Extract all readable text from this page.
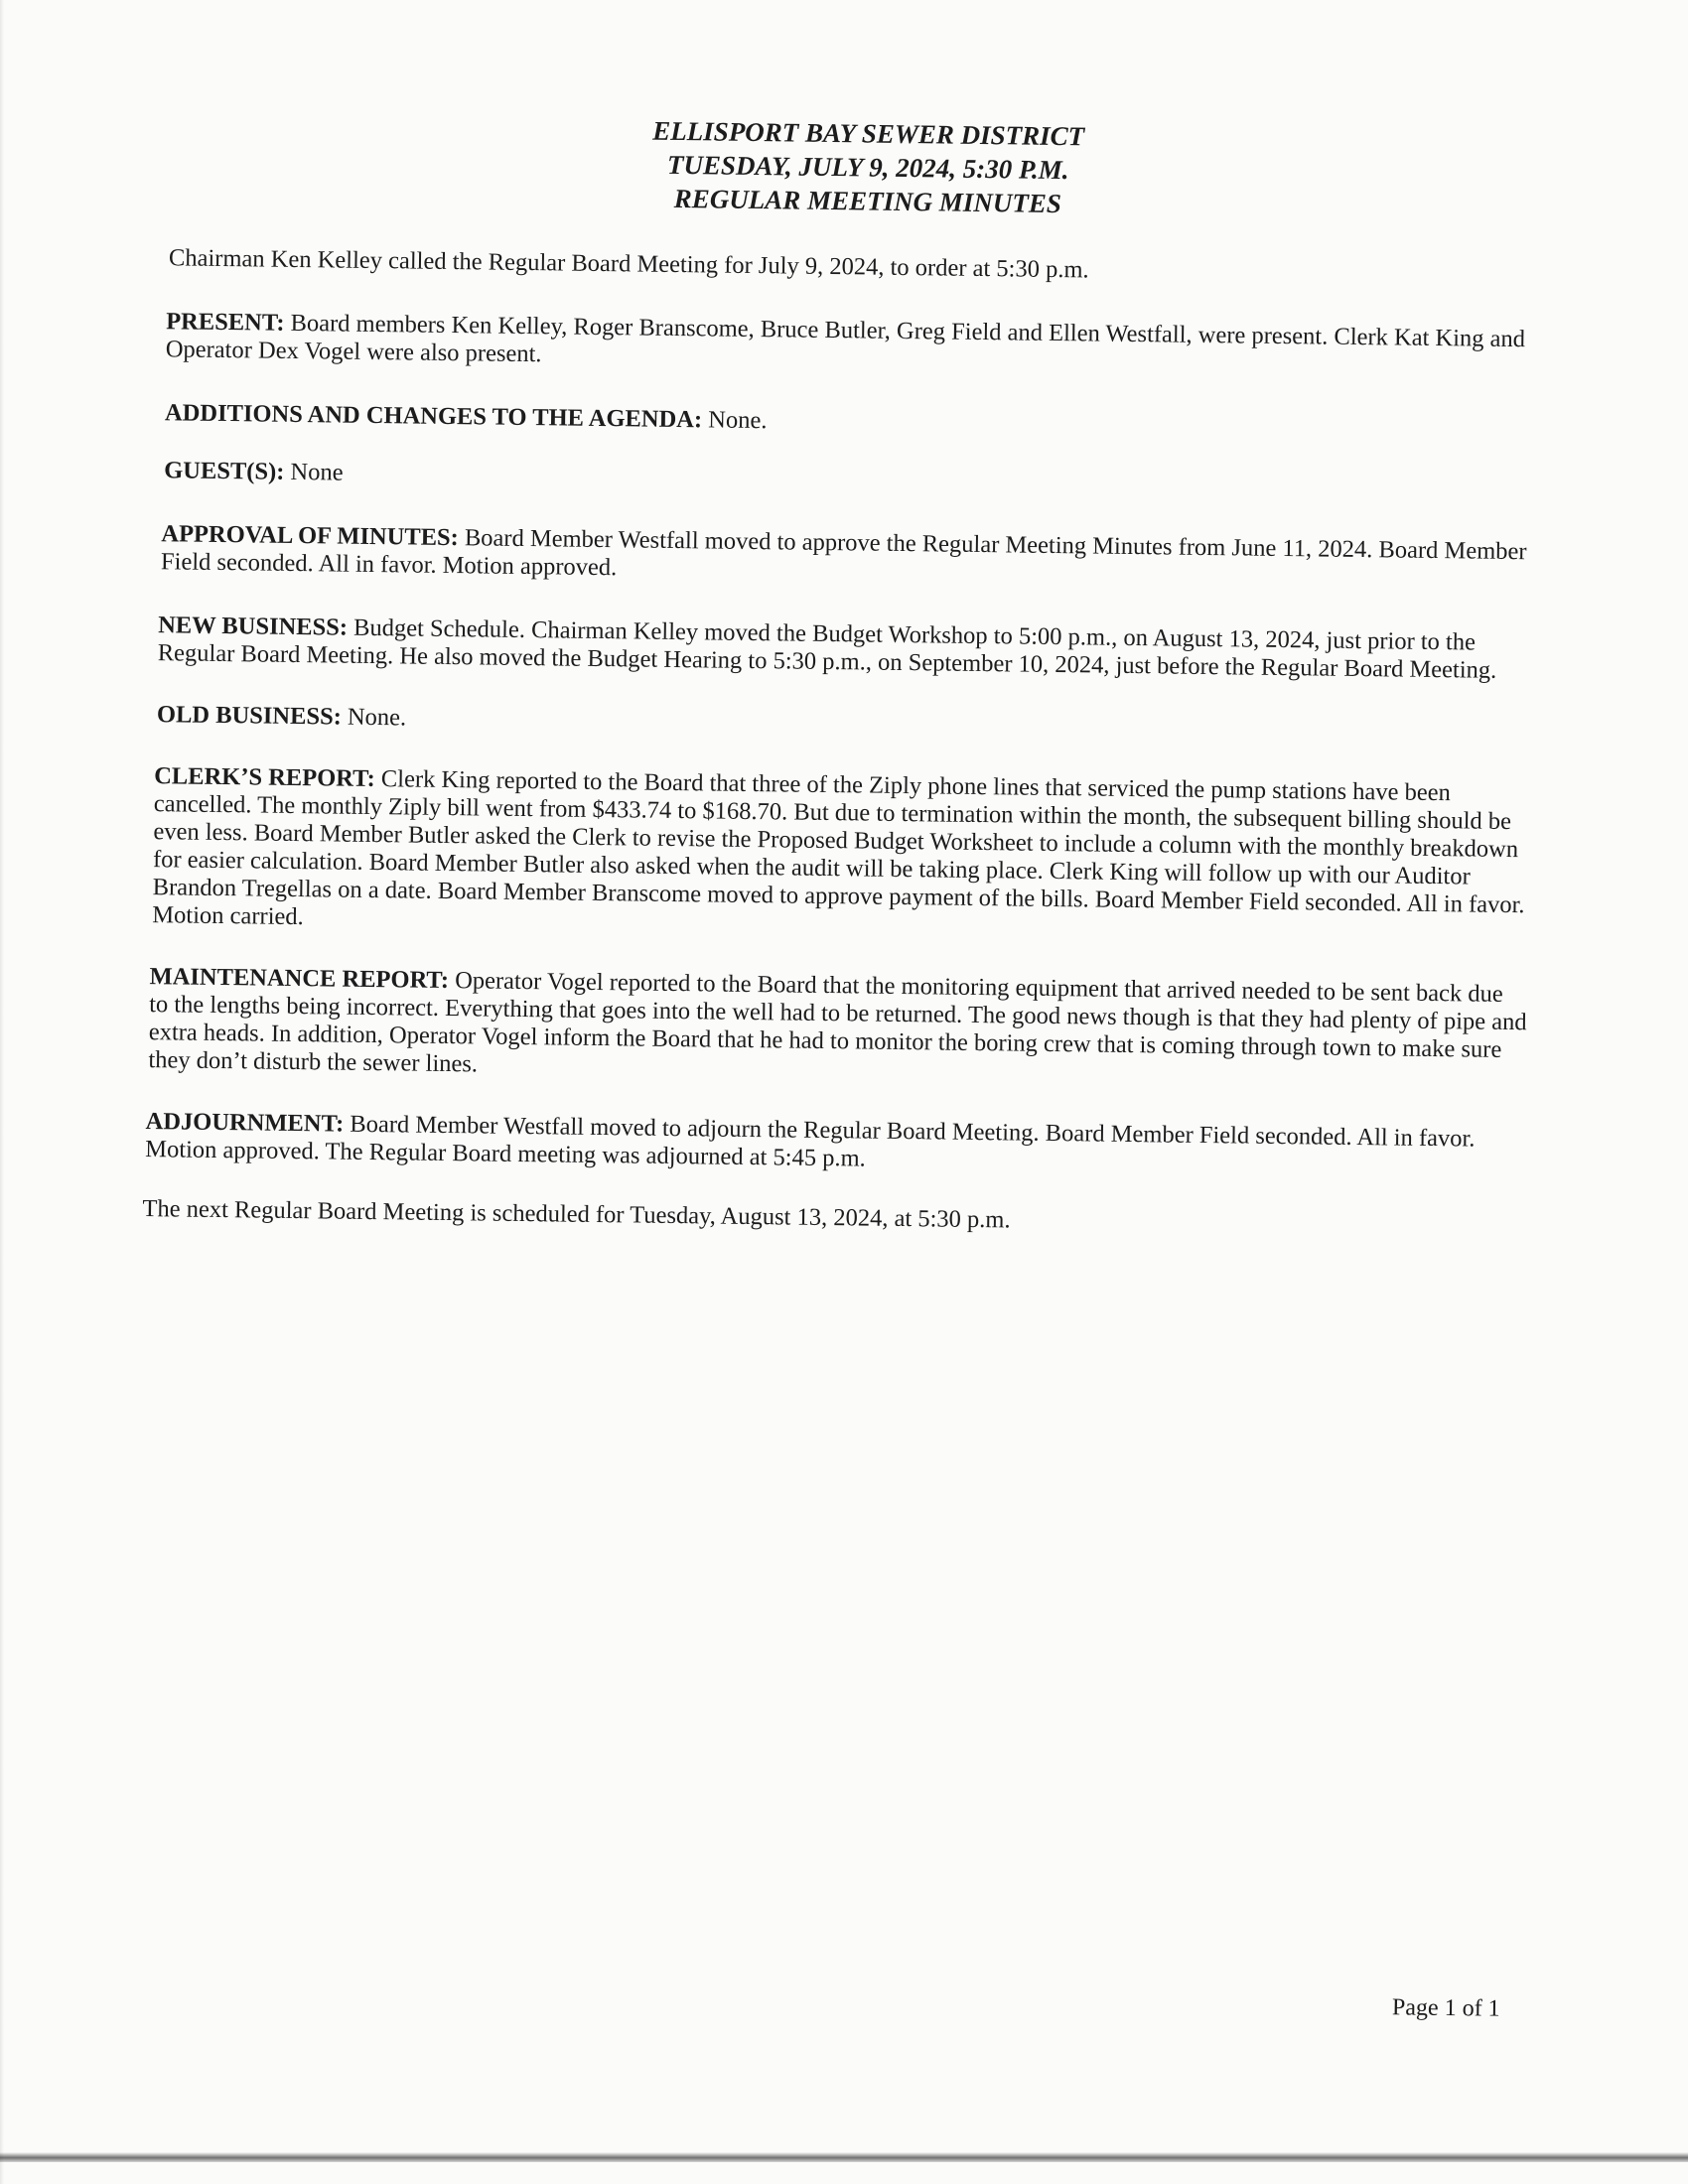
ELLISPORT BAY SEWER DISTRICT
TUESDAY, JULY 9, 2024, 5:30 P.M.
REGULAR MEETING MINUTES

Chairman Ken Kelley called the Regular Board Meeting for July 9, 2024, to order at 5:30 p.m.

PRESENT: Board members Ken Kelley, Roger Branscome, Bruce Butler, Greg Field and Ellen Westfall, were present. Clerk Kat King and Operator Dex Vogel were also present.

ADDITIONS AND CHANGES TO THE AGENDA: None.

GUEST(S): None

APPROVAL OF MINUTES: Board Member Westfall moved to approve the Regular Meeting Minutes from June 11, 2024. Board Member Field seconded. All in favor. Motion approved.

NEW BUSINESS: Budget Schedule. Chairman Kelley moved the Budget Workshop to 5:00 p.m., on August 13, 2024, just prior to the Regular Board Meeting. He also moved the Budget Hearing to 5:30 p.m., on September 10, 2024, just before the Regular Board Meeting.

OLD BUSINESS: None.

CLERK’S REPORT: Clerk King reported to the Board that three of the Ziply phone lines that serviced the pump stations have been cancelled. The monthly Ziply bill went from $433.74 to $168.70. But due to termination within the month, the subsequent billing should be even less. Board Member Butler asked the Clerk to revise the Proposed Budget Worksheet to include a column with the monthly breakdown for easier calculation. Board Member Butler also asked when the audit will be taking place. Clerk King will follow up with our Auditor Brandon Tregellas on a date. Board Member Branscome moved to approve payment of the bills. Board Member Field seconded. All in favor. Motion carried.

MAINTENANCE REPORT: Operator Vogel reported to the Board that the monitoring equipment that arrived needed to be sent back due to the lengths being incorrect. Everything that goes into the well had to be returned. The good news though is that they had plenty of pipe and extra heads. In addition, Operator Vogel inform the Board that he had to monitor the boring crew that is coming through town to make sure they don’t disturb the sewer lines.

ADJOURNMENT: Board Member Westfall moved to adjourn the Regular Board Meeting. Board Member Field seconded. All in favor. Motion approved. The Regular Board meeting was adjourned at 5:45 p.m.

The next Regular Board Meeting is scheduled for Tuesday, August 13, 2024, at 5:30 p.m.

Page 1 of 1
